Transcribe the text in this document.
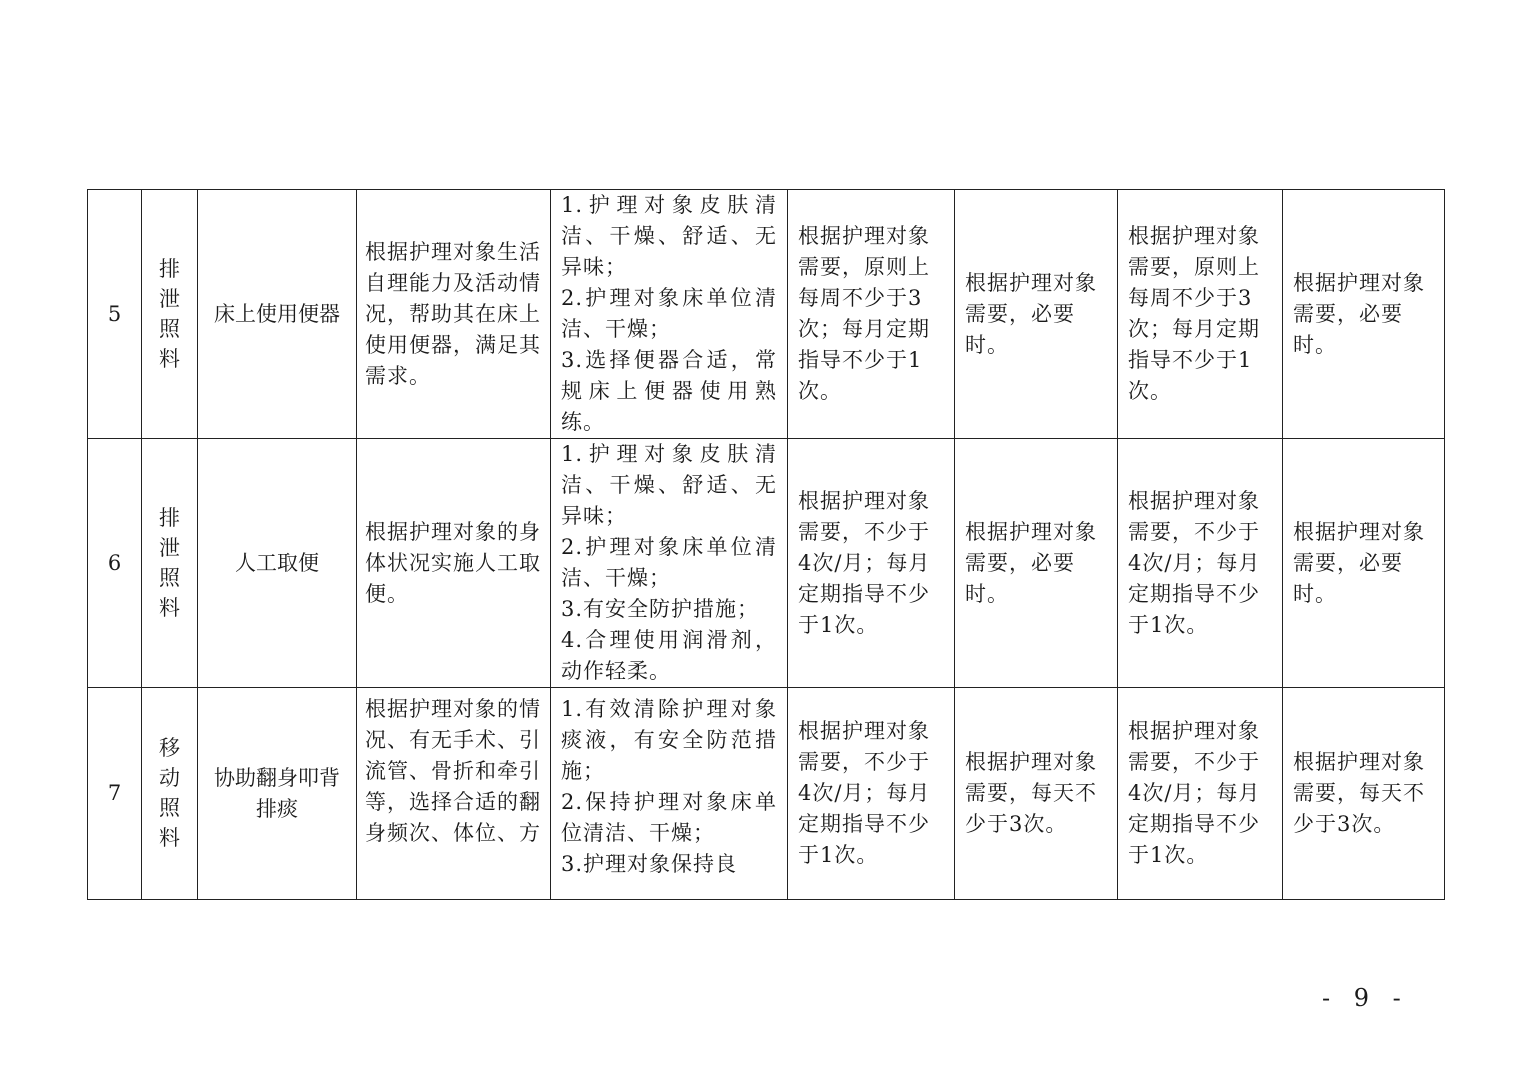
5	排泄照料	床上使用便器	根据护理对象生活自理能力及活动情况，帮助其在床上使用便器，满足其需求。	1.护理对象皮肤清洁、干燥、舒适、无异味；
2.护理对象床单位清洁、干燥；
3.选择便器合适，常规床上便器使用熟练。	根据护理对象需要，原则上每周不少于3次；每月定期指导不少于1次。	根据护理对象需要，必要时。	根据护理对象需要，原则上每周不少于3次；每月定期指导不少于1次。	根据护理对象需要，必要时。
6	排泄照料	人工取便	根据护理对象的身体状况实施人工取便。	1.护理对象皮肤清洁、干燥、舒适、无异味；
2.护理对象床单位清洁、干燥；
3.有安全防护措施；
4.合理使用润滑剂，动作轻柔。	根据护理对象需要，不少于4次/月；每月定期指导不少于1次。	根据护理对象需要，必要时。	根据护理对象需要，不少于4次/月；每月定期指导不少于1次。	根据护理对象需要，必要时。
7	移动照料	协助翻身叩背排痰	根据护理对象的情况、有无手术、引流管、骨折和牵引等，选择合适的翻身频次、体位、方	1.有效清除护理对象痰液，有安全防范措施；
2.保持护理对象床单位清洁、干燥；
3.护理对象保持良	根据护理对象需要，不少于4次/月；每月定期指导不少于1次。	根据护理对象需要，每天不少于3次。	根据护理对象需要，不少于4次/月；每月定期指导不少于1次。	根据护理对象需要，每天不少于3次。
- 9 -
